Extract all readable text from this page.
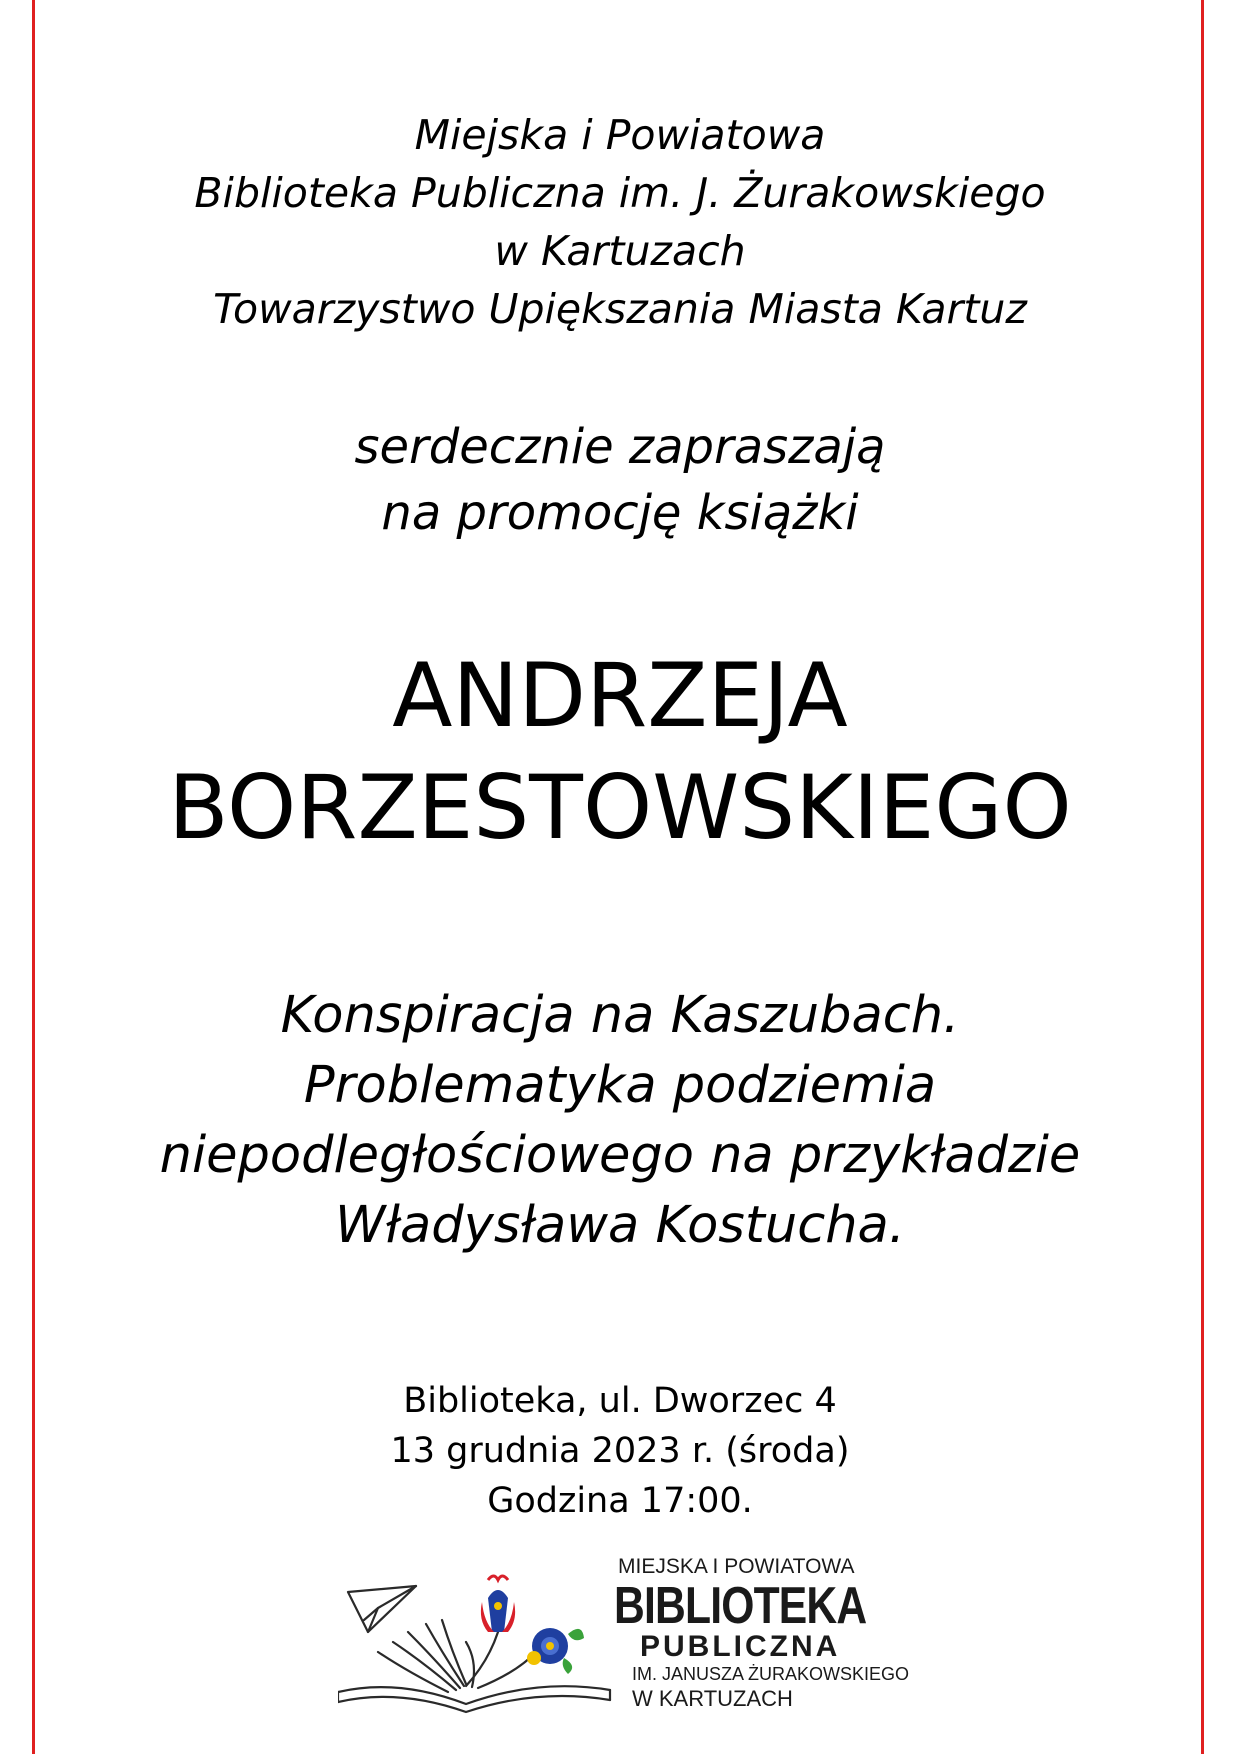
Miejska i Powiatowa
Biblioteka Publiczna im. J. Żurakowskiego
w Kartuzach
Towarzystwo Upiększania Miasta Kartuz
serdecznie zapraszają
na promocję książki
ANDRZEJA
BORZESTOWSKIEGO
Konspiracja na Kaszubach.
Problematyka podziemia
niepodległościowego na przykładzie
Władysława Kostucha.
Biblioteka, ul. Dworzec 4
13 grudnia 2023 r. (środa)
Godzina 17:00.
MIEJSKA I POWIATOWA
BIBLIOTEKA
PUBLICZNA
IM. JANUSZA ŻURAKOWSKIEGO
W KARTUZACH
